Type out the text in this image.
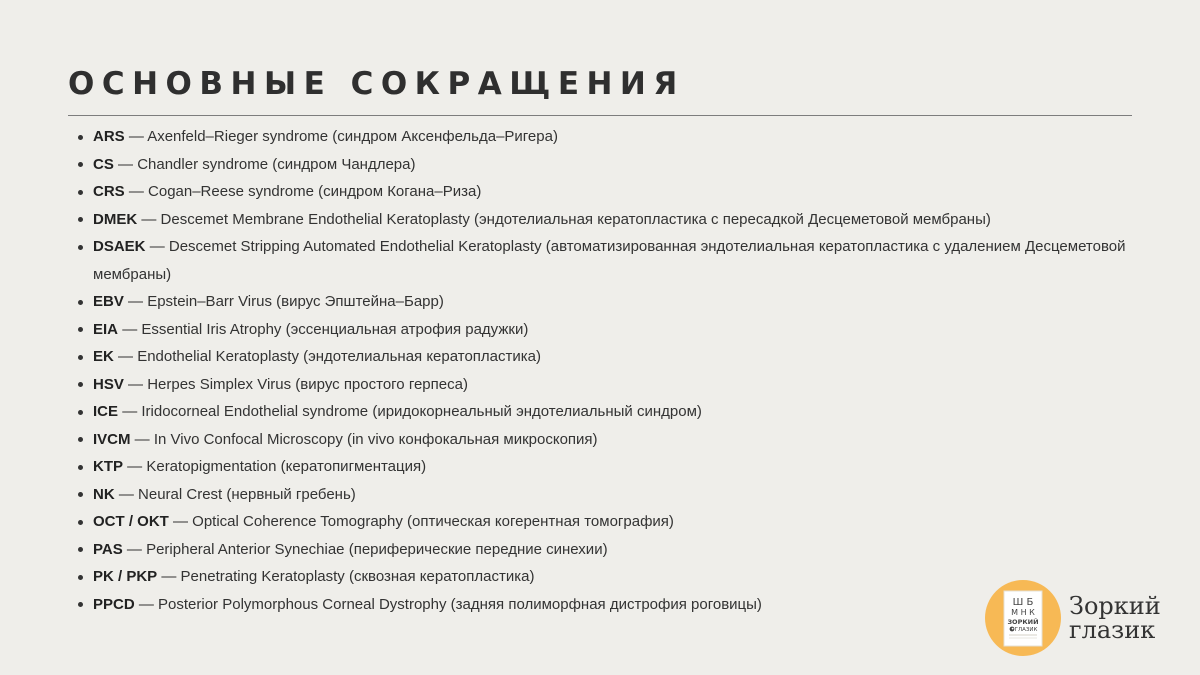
ОСНОВНЫЕ СОКРАЩЕНИЯ
ARS — Axenfeld–Rieger syndrome (синдром Аксенфельда–Ригера)
CS — Chandler syndrome (синдром Чандлера)
CRS — Cogan–Reese syndrome (синдром Когана–Риза)
DMEK — Descemet Membrane Endothelial Keratoplasty (эндотелиальная кератопластика с пересадкой Десцеметовой мембраны)
DSAEK — Descemet Stripping Automated Endothelial Keratoplasty (автоматизированная эндотелиальная кератопластика с удалением Десцеметовой мембраны)
EBV — Epstein–Barr Virus (вирус Эпштейна–Барр)
EIA — Essential Iris Atrophy (эссенциальная атрофия радужки)
EK — Endothelial Keratoplasty (эндотелиальная кератопластика)
HSV — Herpes Simplex Virus (вирус простого герпеса)
ICE — Iridocorneal Endothelial syndrome (иридокорнеальный эндотелиальный синдром)
IVCM — In Vivo Confocal Microscopy (in vivo конфокальная микроскопия)
KTP — Keratopigmentation (кератопигментация)
NK — Neural Crest (нервный гребень)
OCT / OKT — Optical Coherence Tomography (оптическая когерентная томография)
PAS — Peripheral Anterior Synechiae (периферические передние синехии)
PK / PKP — Penetrating Keratoplasty (сквозная кератопластика)
PPCD — Posterior Polymorphous Corneal Dystrophy (задняя полиморфная дистрофия роговицы)	Ш Б
М Н К
ЗОРКИЙ
ГЛАЗИК
Зоркий
глазик
